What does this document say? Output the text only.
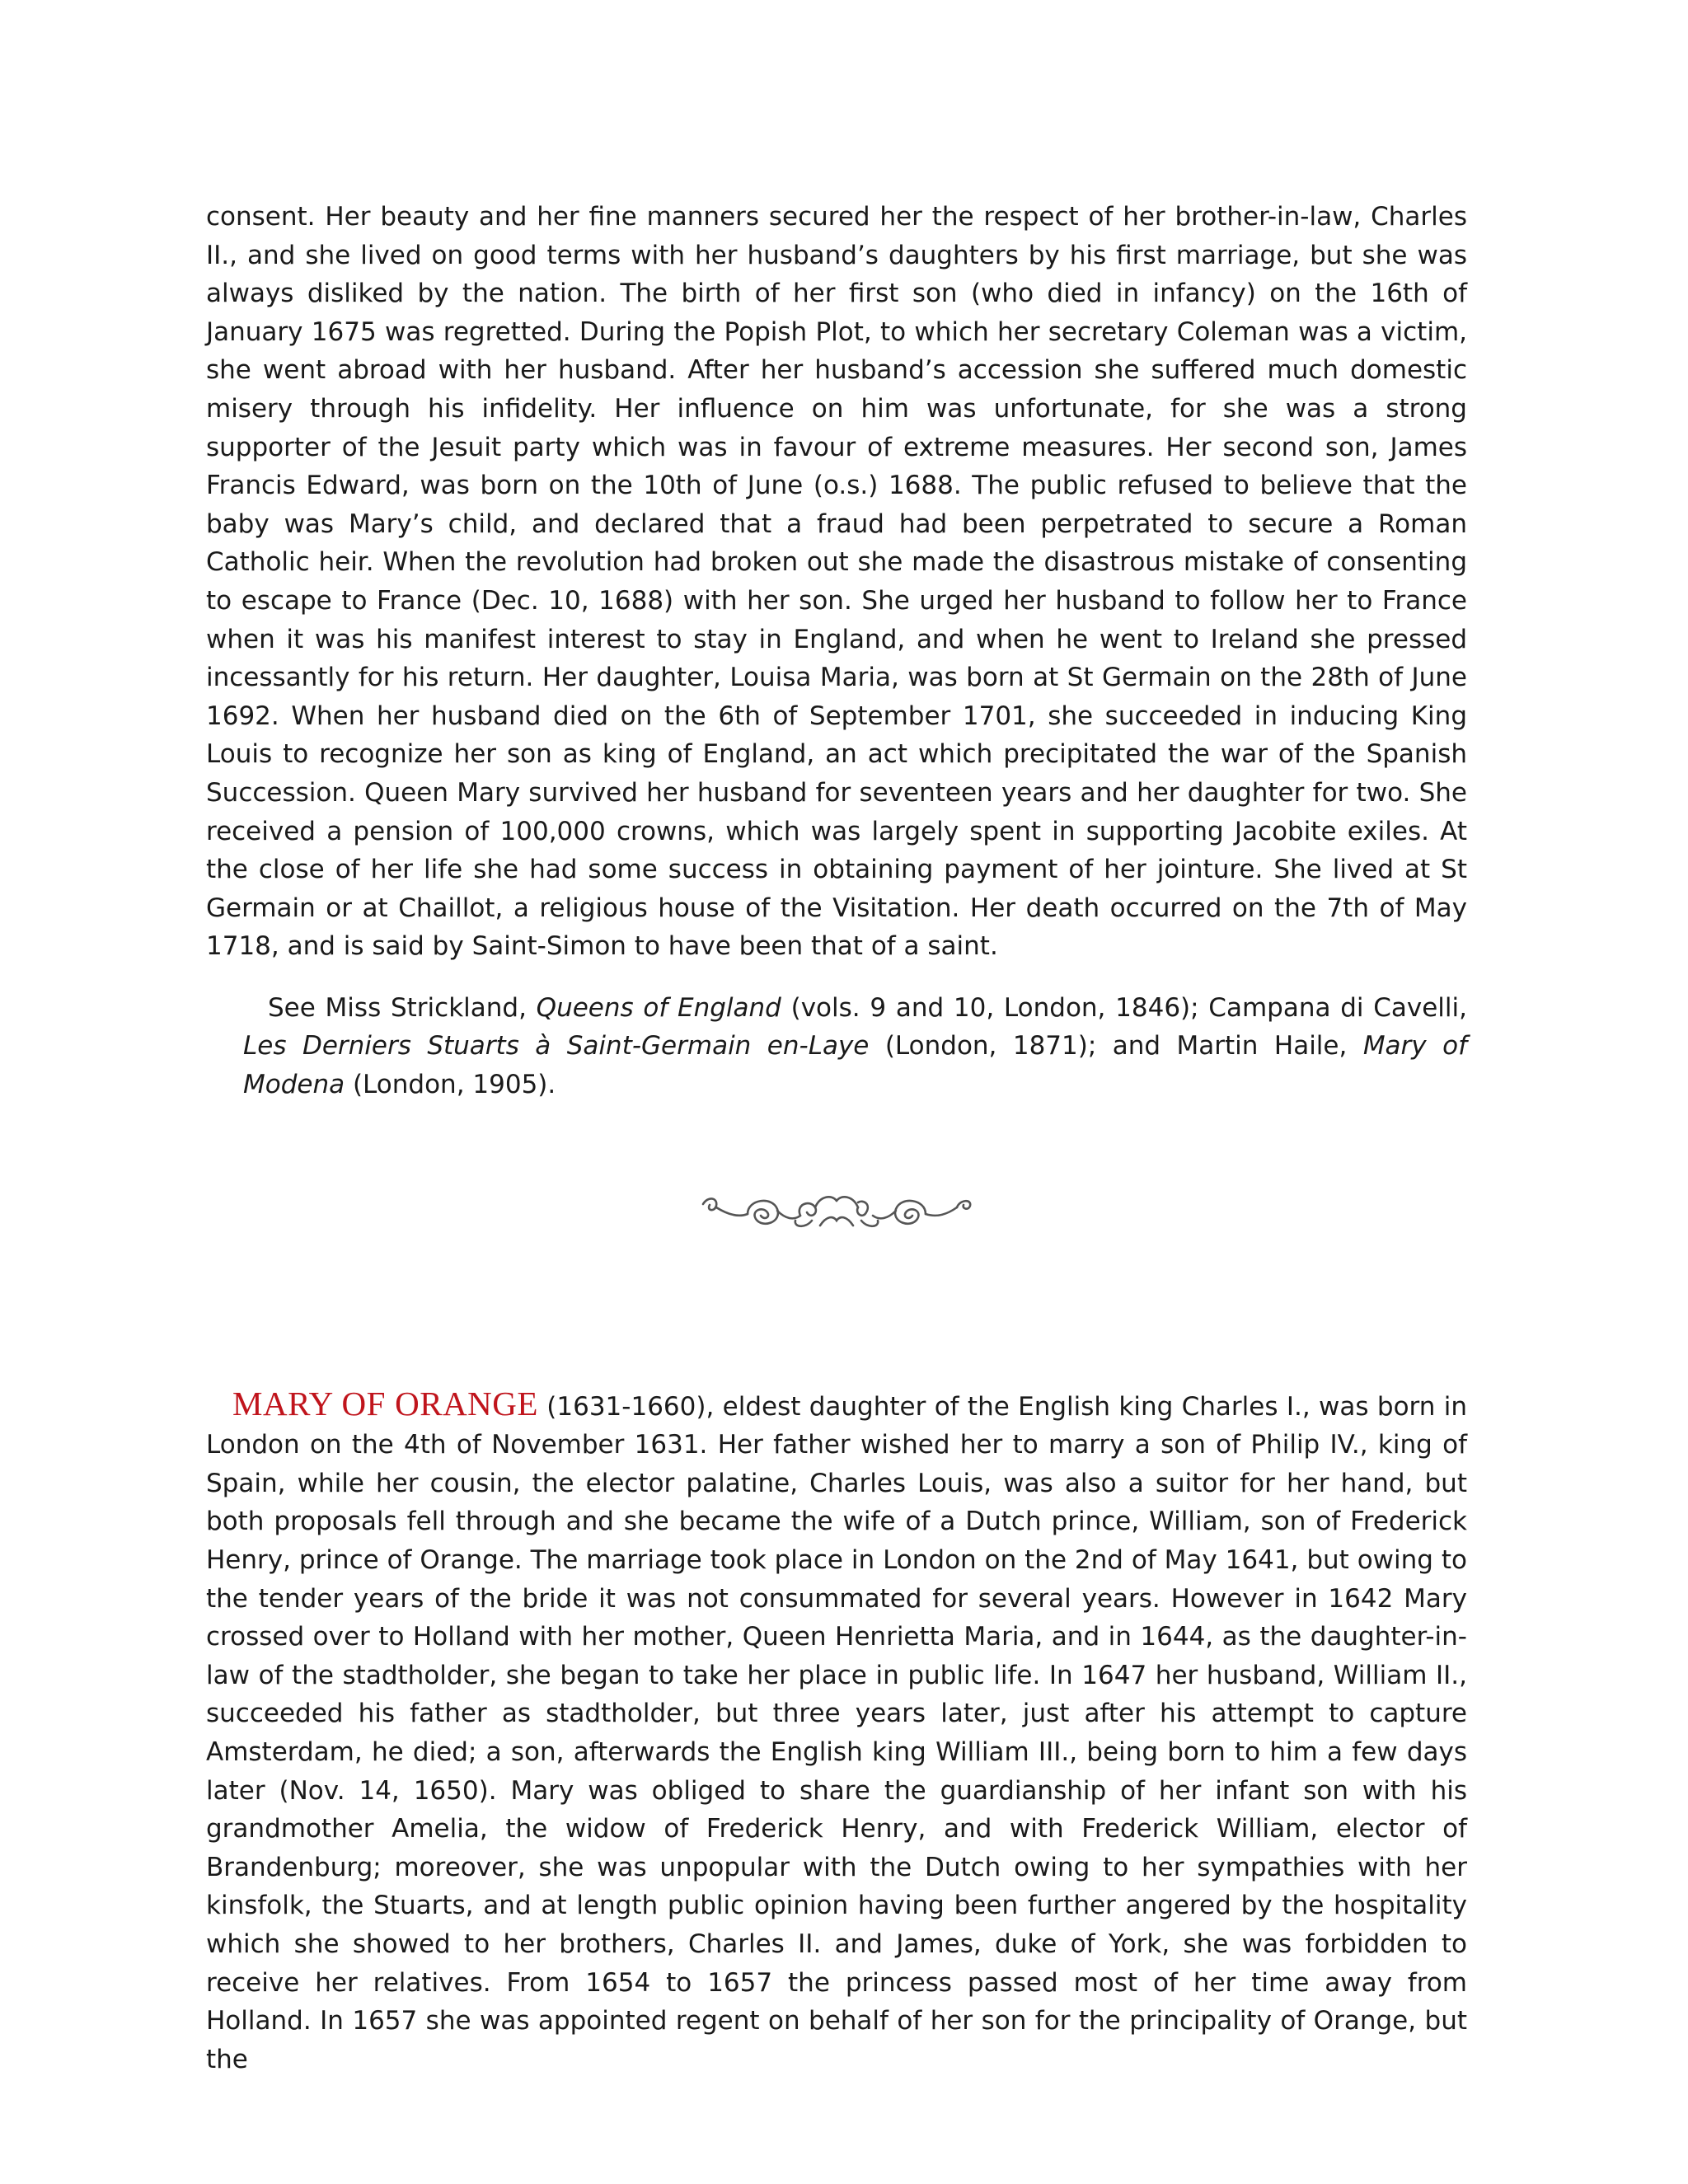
consent. Her beauty and her fine manners secured her the respect of her brother-in-law, Charles II., and she lived on good terms with her husband’s daughters by his first marriage, but she was always disliked by the nation. The birth of her first son (who died in infancy) on the 16th of January 1675 was regretted. During the Popish Plot, to which her secretary Coleman was a victim, she went abroad with her husband. After her husband’s accession she suffered much domestic misery through his infidelity. Her influence on him was unfortunate, for she was a strong supporter of the Jesuit party which was in favour of extreme measures. Her second son, James Francis Edward, was born on the 10th of June (o.s.) 1688. The public refused to believe that the baby was Mary’s child, and declared that a fraud had been perpetrated to secure a Roman Catholic heir. When the revolution had broken out she made the disastrous mistake of consenting to escape to France (Dec. 10, 1688) with her son. She urged her husband to follow her to France when it was his manifest interest to stay in England, and when he went to Ireland she pressed incessantly for his return. Her daughter, Louisa Maria, was born at St Germain on the 28th of June 1692. When her husband died on the 6th of September 1701, she succeeded in inducing King Louis to recognize her son as king of England, an act which precipitated the war of the Spanish Succession. Queen Mary survived her husband for seventeen years and her daughter for two. She received a pension of 100,000 crowns, which was largely spent in supporting Jacobite exiles. At the close of her life she had some success in obtaining payment of her jointure. She lived at St Germain or at Chaillot, a religious house of the Visitation. Her death occurred on the 7th of May 1718, and is said by Saint-Simon to have been that of a saint.

See Miss Strickland, Queens of England (vols. 9 and 10, London, 1846); Campana di Cavelli, Les Derniers Stuarts à Saint-Germain en-Laye (London, 1871); and Martin Haile, Mary of Modena (London, 1905).

MARY OF ORANGE (1631-1660), eldest daughter of the English king Charles I., was born in London on the 4th of November 1631. Her father wished her to marry a son of Philip IV., king of Spain, while her cousin, the elector palatine, Charles Louis, was also a suitor for her hand, but both proposals fell through and she became the wife of a Dutch prince, William, son of Frederick Henry, prince of Orange. The marriage took place in London on the 2nd of May 1641, but owing to the tender years of the bride it was not consummated for several years. However in 1642 Mary crossed over to Holland with her mother, Queen Henrietta Maria, and in 1644, as the daughter-in-law of the stadtholder, she began to take her place in public life. In 1647 her husband, William II., succeeded his father as stadtholder, but three years later, just after his attempt to capture Amsterdam, he died; a son, afterwards the English king William III., being born to him a few days later (Nov. 14, 1650). Mary was obliged to share the guardianship of her infant son with his grandmother Amelia, the widow of Frederick Henry, and with Frederick William, elector of Brandenburg; moreover, she was unpopular with the Dutch owing to her sympathies with her kinsfolk, the Stuarts, and at length public opinion having been further angered by the hospitality which she showed to her brothers, Charles II. and James, duke of York, she was forbidden to receive her relatives. From 1654 to 1657 the princess passed most of her time away from Holland. In 1657 she was appointed regent on behalf of her son for the principality of Orange, but the
